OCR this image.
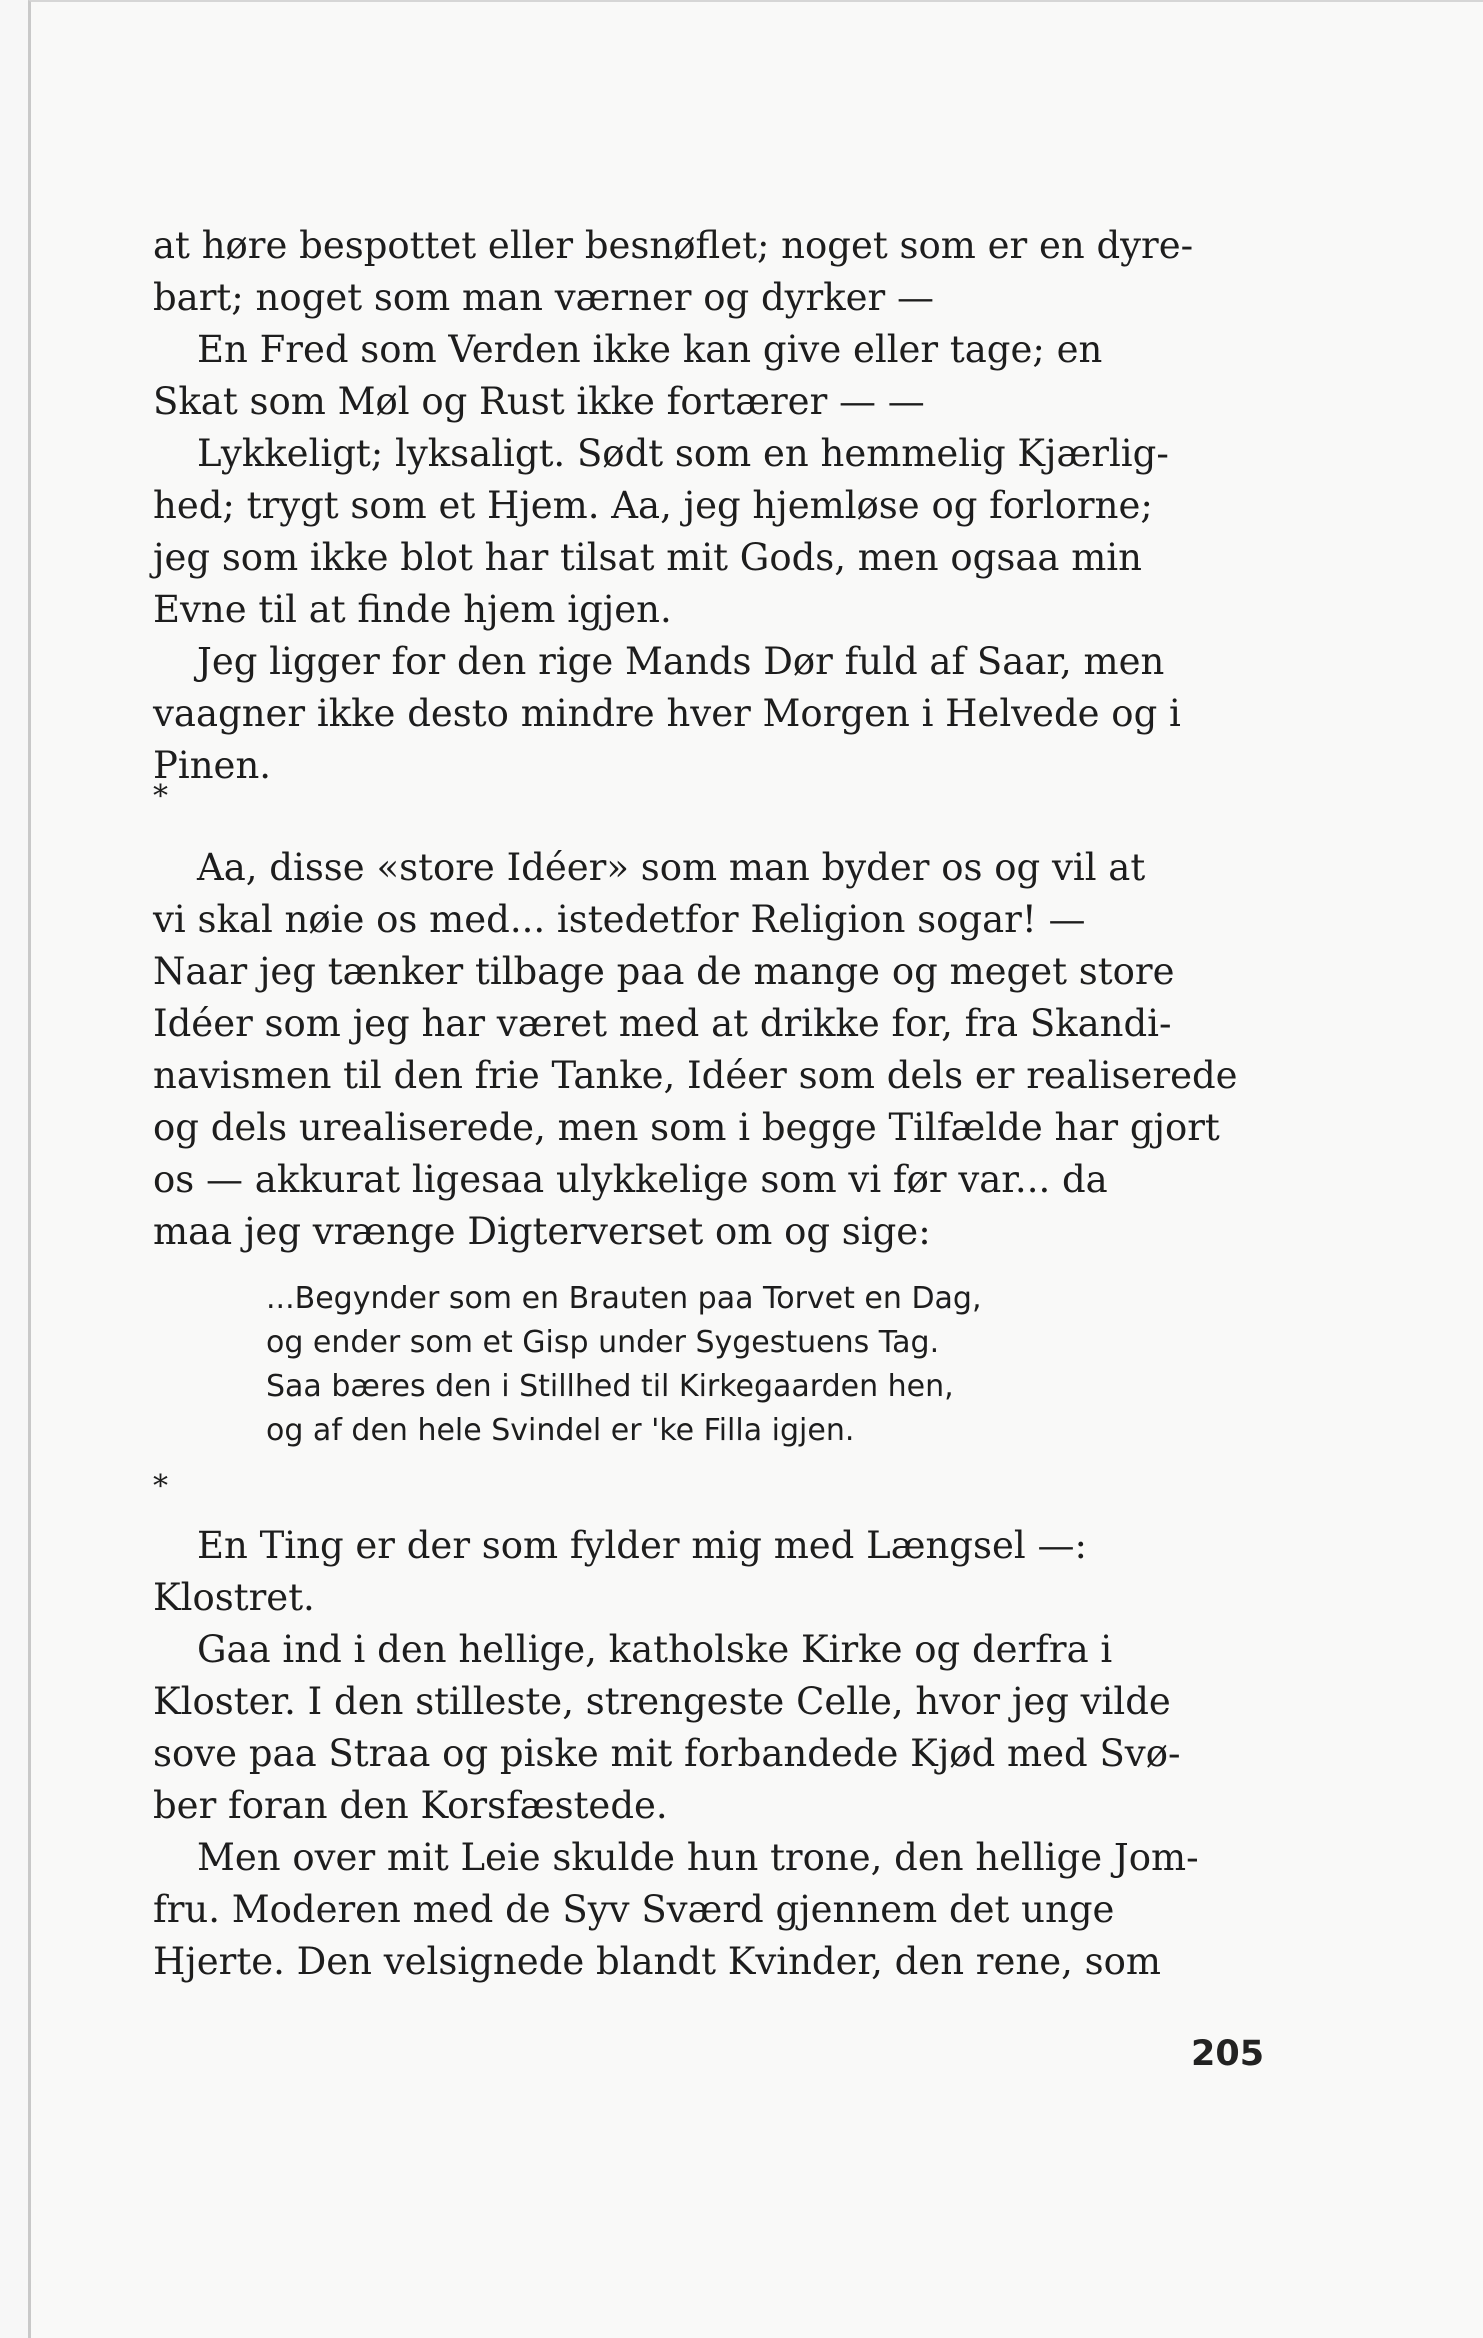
at høre bespottet eller besnøflet; noget som er en dyre-

bart; noget som man værner og dyrker —

En Fred som Verden ikke kan give eller tage; en

Skat som Møl og Rust ikke fortærer — —

Lykkeligt; lyksaligt. Sødt som en hemmelig Kjærlig-

hed; trygt som et Hjem. Aa, jeg hjemløse og forlorne;

jeg som ikke blot har tilsat mit Gods, men ogsaa min

Evne til at finde hjem igjen.

Jeg ligger for den rige Mands Dør fuld af Saar, men

vaagner ikke desto mindre hver Morgen i Helvede og i

Pinen.

*

Aa, disse «store Idéer» som man byder os og vil at

vi skal nøie os med... istedetfor Religion sogar! —

Naar jeg tænker tilbage paa de mange og meget store

Idéer som jeg har været med at drikke for, fra Skandi-

navismen til den frie Tanke, Idéer som dels er realiserede

og dels urealiserede, men som i begge Tilfælde har gjort

os — akkurat ligesaa ulykkelige som vi før var... da

maa jeg vrænge Digterverset om og sige:

...Begynder som en Brauten paa Torvet en Dag,
og ender som et Gisp under Sygestuens Tag.
Saa bæres den i Stillhed til Kirkegaarden hen,
og af den hele Svindel er 'ke Filla igjen.

*

En Ting er der som fylder mig med Længsel —:

Klostret.

Gaa ind i den hellige, katholske Kirke og derfra i

Kloster. I den stilleste, strengeste Celle, hvor jeg vilde

sove paa Straa og piske mit forbandede Kjød med Svø-

ber foran den Korsfæstede.

Men over mit Leie skulde hun trone, den hellige Jom-

fru. Moderen med de Syv Sværd gjennem det unge

Hjerte. Den velsignede blandt Kvinder, den rene, som

205
